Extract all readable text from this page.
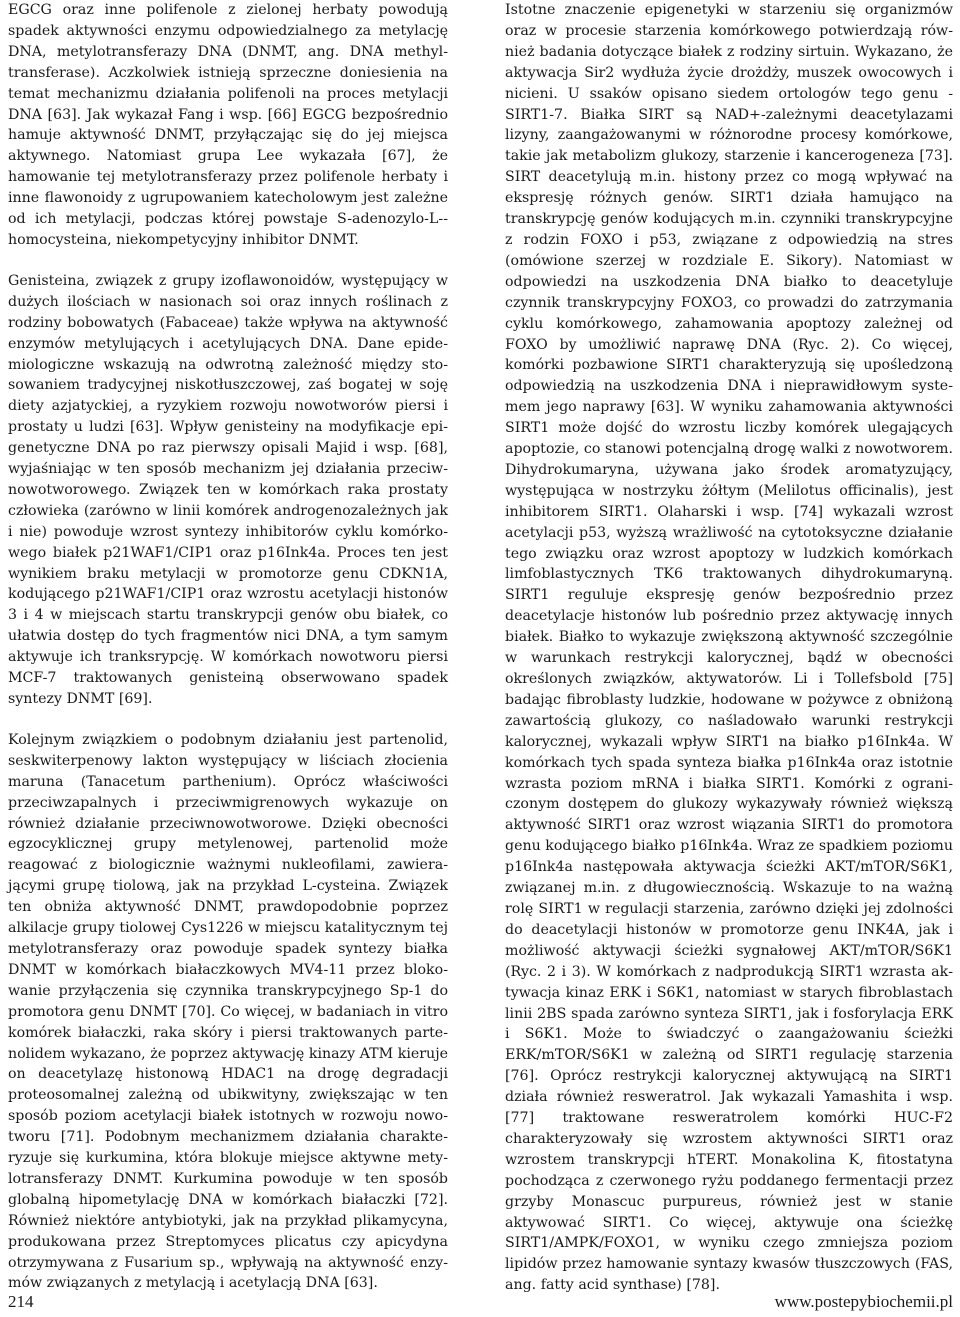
EGCG oraz inne polifenole z zielonej herbaty powodują spadek aktywności enzymu odpowiedzialnego za metylację DNA, metylotransferazy DNA (DNMT, ang. DNA methyltransferase). Aczkolwiek istnieją sprzeczne doniesienia na temat mechanizmu działania polifenoli na proces metylacji DNA [63]. Jak wykazał Fang i wsp. [66] EGCG bezpośrednio hamuje aktywność DNMT, przyłączając się do jej miejsca aktywnego. Natomiast grupa Lee wykazała [67], że hamowanie tej metylotransferazy przez polifenole herbaty i inne flawonoidy z ugrupowaniem katecholowym jest zależne od ich metylacji, podczas której powstaje S-adenozylo-L--homocysteina, niekompetycyjny inhibitor DNMT.

Genisteina, związek z grupy izoflawonoidów, występujący w dużych ilościach w nasionach soi oraz innych roślinach z rodziny bobowatych (Fabaceae) także wpływa na aktywność enzymów metylujących i acetylujących DNA. Dane epidemiologiczne wskazują na odwrotną zależność między stosowaniem tradycyjnej niskotłuszczowej, zaś bogatej w soję diety azjatyckiej, a ryzykiem rozwoju nowotworów piersi i prostaty u ludzi [63]. Wpływ genisteiny na modyfikacje epigenetyczne DNA po raz pierwszy opisali Majid i wsp. [68], wyjaśniając w ten sposób mechanizm jej działania przeciwnowotworowego. Związek ten w komórkach raka prostaty człowieka (zarówno w linii komórek androgenozależnych jak i nie) powoduje wzrost syntezy inhibitorów cyklu komórkowego białek p21WAF1/CIP1 oraz p16Ink4a. Proces ten jest wynikiem braku metylacji w promotorze genu CDKN1A, kodującego p21WAF1/CIP1 oraz wzrostu acetylacji histonów 3 i 4 w miejscach startu transkrypcji genów obu białek, co ułatwia dostęp do tych fragmentów nici DNA, a tym samym aktywuje ich tranksrypcję. W komórkach nowotworu piersi MCF-7 traktowanych genisteiną obserwowano spadek syntezy DNMT [69].

Kolejnym związkiem o podobnym działaniu jest partenolid, seskwiterpenowy lakton występujący w liściach złocienia maruna (Tanacetum parthenium). Oprócz właściwości przeciwzapalnych i przeciwmigrenowych wykazuje on również działanie przeciwnowotworowe. Dzięki obecności egzocyklicznej grupy metylenowej, partenolid może reagować z biologicznie ważnymi nukleofilami, zawierającymi grupę tiolową, jak na przykład L-cysteina. Związek ten obniża aktywność DNMT, prawdopodobnie poprzez alkilacje grupy tiolowej Cys1226 w miejscu katalitycznym tej metylotransferazy oraz powoduje spadek syntezy białka DNMT w komórkach białaczkowych MV4-11 przez blokowanie przyłączenia się czynnika transkrypcyjnego Sp-1 do promotora genu DNMT [70]. Co więcej, w badaniach in vitro komórek białaczki, raka skóry i piersi traktowanych partenolidem wykazano, że poprzez aktywację kinazy ATM kieruje on deacetylazę histonową HDAC1 na drogę degradacji proteosomalnej zależną od ubikwityny, zwiększając w ten sposób poziom acetylacji białek istotnych w rozwoju nowotworu [71]. Podobnym mechanizmem działania charakteryzuje się kurkumina, która blokuje miejsce aktywne metylotransferazy DNMT. Kurkumina powoduje w ten sposób globalną hipometylację DNA w komórkach białaczki [72]. Również niektóre antybiotyki, jak na przykład plikamycyna, produkowana przez Streptomyces plicatus czy apicydyna otrzymywana z Fusarium sp., wpływają na aktywność enzymów związanych z metylacją i acetylacją DNA [63].

Istotne znaczenie epigenetyki w starzeniu się organizmów oraz w procesie starzenia komórkowego potwierdzają również badania dotyczące białek z rodziny sirtuin. Wykazano, że aktywacja Sir2 wydłuża życie drożdży, muszek owocowych i nicieni. U ssaków opisano siedem ortologów tego genu - SIRT1-7. Białka SIRT są NAD+-zależnymi deacetylazami lizyny, zaangażowanymi w różnorodne procesy komórkowe, takie jak metabolizm glukozy, starzenie i kancerogeneza [73]. SIRT deacetylują m.in. histony przez co mogą wpływać na ekspresję różnych genów. SIRT1 działa hamująco na transkrypcję genów kodujących m.in. czynniki transkrypcyjne z rodzin FOXO i p53, związane z odpowiedzią na stres (omówione szerzej w rozdziale E. Sikory). Natomiast w odpowiedzi na uszkodzenia DNA białko to deacetyluje czynnik transkrypcyjny FOXO3, co prowadzi do zatrzymania cyklu komórkowego, zahamowania apoptozy zależnej od FOXO by umożliwić naprawę DNA (Ryc. 2). Co więcej, komórki pozbawione SIRT1 charakteryzują się upośledzoną odpowiedzią na uszkodzenia DNA i nieprawidłowym systemem jego naprawy [63]. W wyniku zahamowania aktywności SIRT1 może dojść do wzrostu liczby komórek ulegających apoptozie, co stanowi potencjalną drogę walki z nowotworem. Dihydrokumaryna, używana jako środek aromatyzujący, występująca w nostrzyku żółtym (Melilotus officinalis), jest inhibitorem SIRT1. Olaharski i wsp. [74] wykazali wzrost acetylacji p53, wyższą wrażliwość na cytotoksyczne działanie tego związku oraz wzrost apoptozy w ludzkich komórkach limfoblastycznych TK6 traktowanych dihydrokumaryną. SIRT1 reguluje ekspresję genów bezpośrednio przez deacetylacje histonów lub pośrednio przez aktywację innych białek. Białko to wykazuje zwiększoną aktywność szczególnie w warunkach restrykcji kalorycznej, bądź w obecności określonych związków, aktywatorów. Li i Tollefsbold [75] badając fibroblasty ludzkie, hodowane w pożywce z obniżoną zawartością glukozy, co naśladowało warunki restrykcji kalorycznej, wykazali wpływ SIRT1 na białko p16Ink4a. W komórkach tych spada synteza białka p16Ink4a oraz istotnie wzrasta poziom mRNA i białka SIRT1. Komórki z ograniczonym dostępem do glukozy wykazywały również większą aktywność SIRT1 oraz wzrost wiązania SIRT1 do promotora genu kodującego białko p16Ink4a. Wraz ze spadkiem poziomu p16Ink4a następowała aktywacja ścieżki AKT/mTOR/S6K1, związanej m.in. z długowiecznością. Wskazuje to na ważną rolę SIRT1 w regulacji starzenia, zarówno dzięki jej zdolności do deacetylacji histonów w promotorze genu INK4A, jak i możliwość aktywacji ścieżki sygnałowej AKT/mTOR/S6K1 (Ryc. 2 i 3). W komórkach z nadprodukcją SIRT1 wzrasta aktywacja kinaz ERK i S6K1, natomiast w starych fibroblastach linii 2BS spada zarówno synteza SIRT1, jak i fosforylacja ERK i S6K1. Może to świadczyć o zaangażowaniu ścieżki ERK/mTOR/S6K1 w zależną od SIRT1 regulację starzenia [76]. Oprócz restrykcji kalorycznej aktywującą na SIRT1 działa również resweratrol. Jak wykazali Yamashita i wsp. [77] traktowane resweratrolem komórki HUC-F2 charakteryzowały się wzrostem aktywności SIRT1 oraz wzrostem transkrypcji hTERT. Monakolina K, fitostatyna pochodząca z czerwonego ryżu poddanego fermentacji przez grzyby Monascuc purpureus, również jest w stanie aktywować SIRT1. Co więcej, aktywuje ona ścieżkę SIRT1/AMPK/FOXO1, w wyniku czego zmniejsza poziom lipidów przez hamowanie syntazy kwasów tłuszczowych (FAS, ang. fatty acid synthase) [78].

214	www.postepybiochemii.pl
